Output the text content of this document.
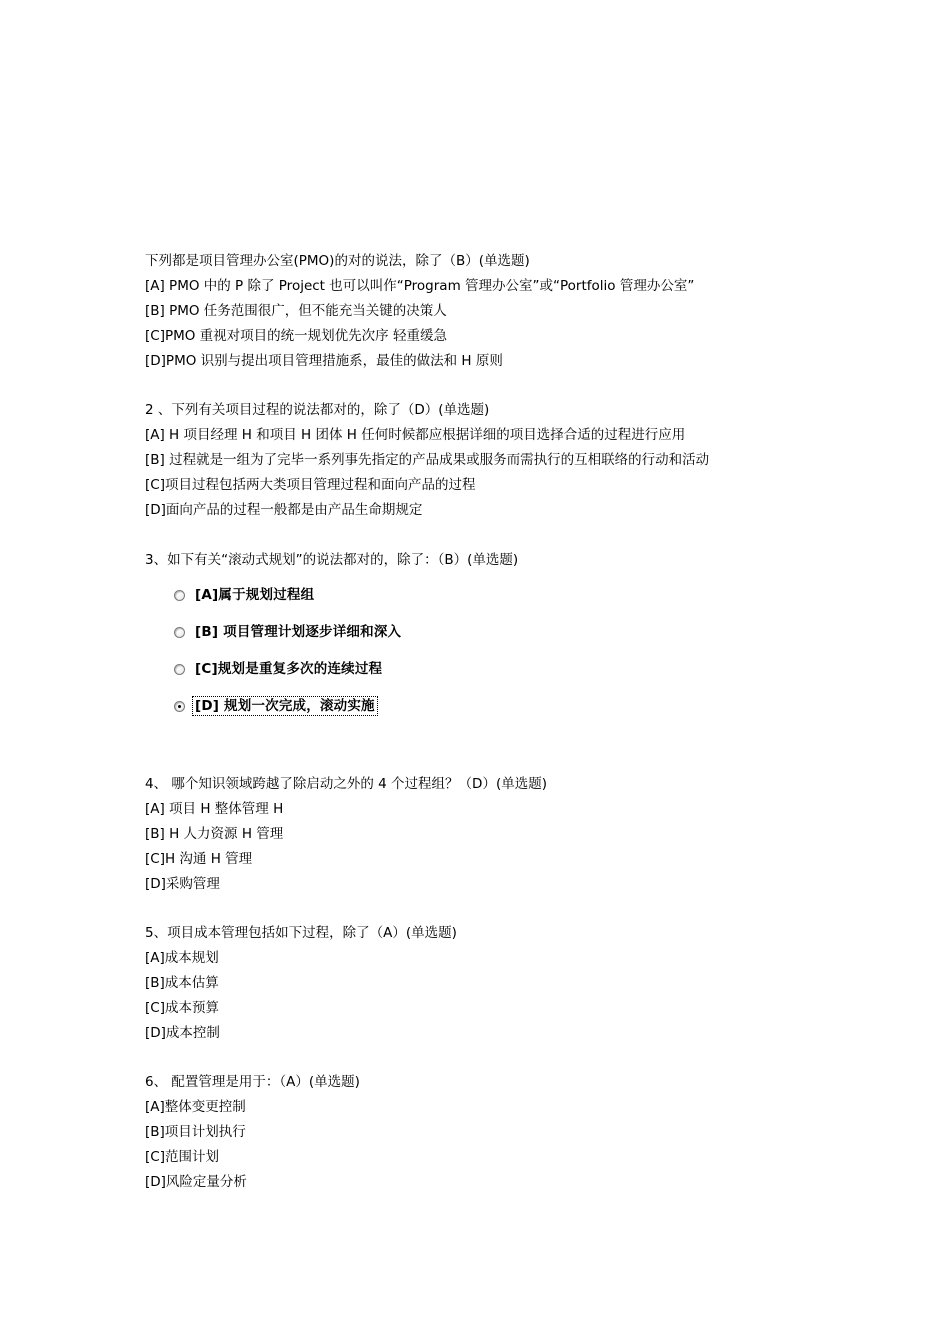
下列都是项目管理办公室(PMO)的对的说法，除了（B）(单选题)
[A] PMO 中的 P 除了 Project 也可以叫作“Program 管理办公室”或“Portfolio 管理办公室”
[B] PMO 任务范围很广，但不能充当关键的决策人
[C]PMO 重视对项目的统一规划优先次序 轻重缓急
[D]PMO 识别与提出项目管理措施系，最佳的做法和 H 原则
2 、下列有关项目过程的说法都对的，除了（D）(单选题)
[A] H 项目经理 H 和项目 H 团体 H 任何时候都应根据详细的项目选择合适的过程进行应用
[B] 过程就是一组为了完毕一系列事先指定的产品成果或服务而需执行的互相联络的行动和活动
[C]项目过程包括两大类项目管理过程和面向产品的过程
[D]面向产品的过程一般都是由产品生命期规定
3、如下有关“滚动式规划”的说法都对的，除了：（B）(单选题)
[A]属于规划过程组
[B] 项目管理计划逐步详细和深入
[C]规划是重复多次的连续过程
[D] 规划一次完成，滚动实施
4、 哪个知识领域跨越了除启动之外的 4 个过程组？（D）(单选题)
[A] 项目 H 整体管理 H
[B] H 人力资源 H 管理
[C]H 沟通 H 管理
[D]采购管理
5、项目成本管理包括如下过程，除了（A）(单选题)
[A]成本规划
[B]成本估算
[C]成本预算
[D]成本控制
6、 配置管理是用于：（A）(单选题)
[A]整体变更控制
[B]项目计划执行
[C]范围计划
[D]风险定量分析
